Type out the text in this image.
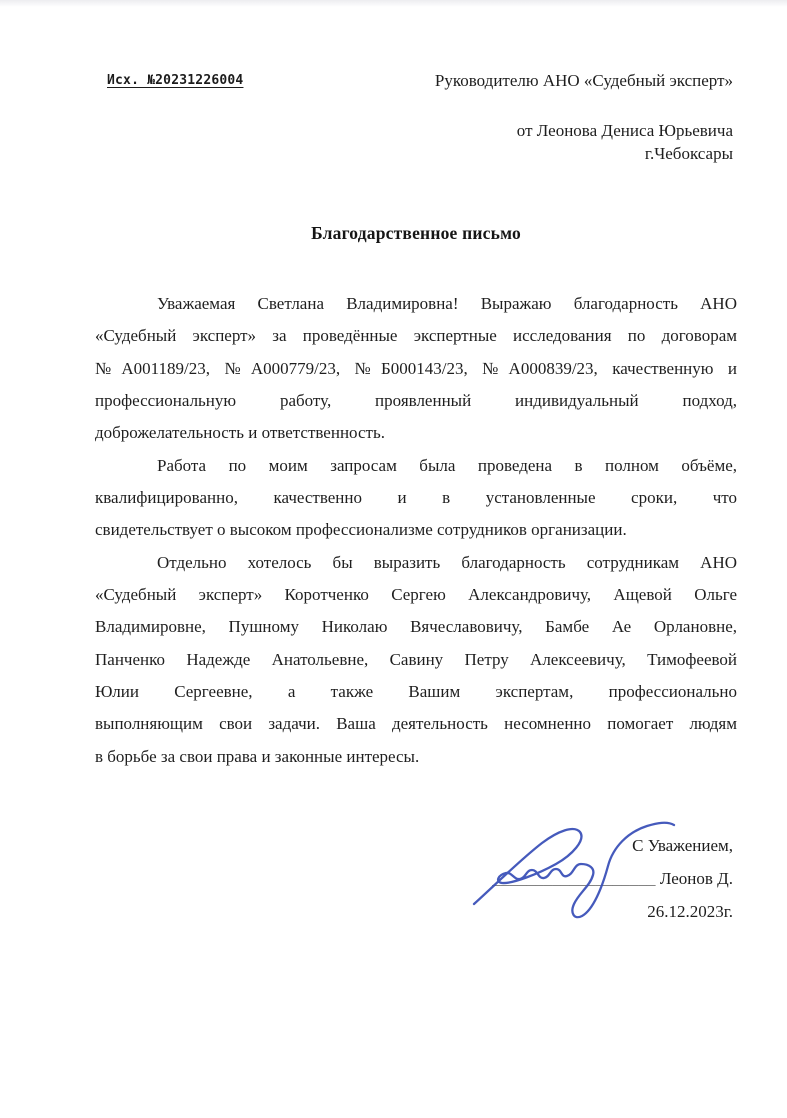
Исх. №20231226004	Руководителю АНО «Судебный эксперт»
от Леонова Дениса Юрьевича
г.Чебоксары
Благодарственное письмо
Уважаемая Светлана Владимировна! Выражаю благодарность АНО
«Судебный эксперт» за проведённые экспертные исследования по договорам
№А001189/23, №А000779/23, №Б000143/23, №А000839/23, качественную и
профессиональную работу, проявленный индивидуальный подход,
доброжелательность и ответственность.
Работа по моим запросам была проведена в полном объёме,
квалифицированно, качественно и в установленные сроки, что
свидетельствует о высоком профессионализме сотрудников организации.
Отдельно хотелось бы выразить благодарность сотрудникам АНО
«Судебный эксперт» Коротченко Сергею Александровичу, Ащевой Ольге
Владимировне, Пушному Николаю Вячеславовичу, Бамбе Ае Орлановне,
Панченко Надежде Анатольевне, Савину Петру Алексеевичу, Тимофеевой
Юлии Сергеевне, а также Вашим экспертам, профессионально
выполняющим свои задачи. Ваша деятельность несомненно помогает людям
в борьбе за свои права и законные интересы.
С Уважением,
___________________ Леонов Д.
26.12.2023г.
